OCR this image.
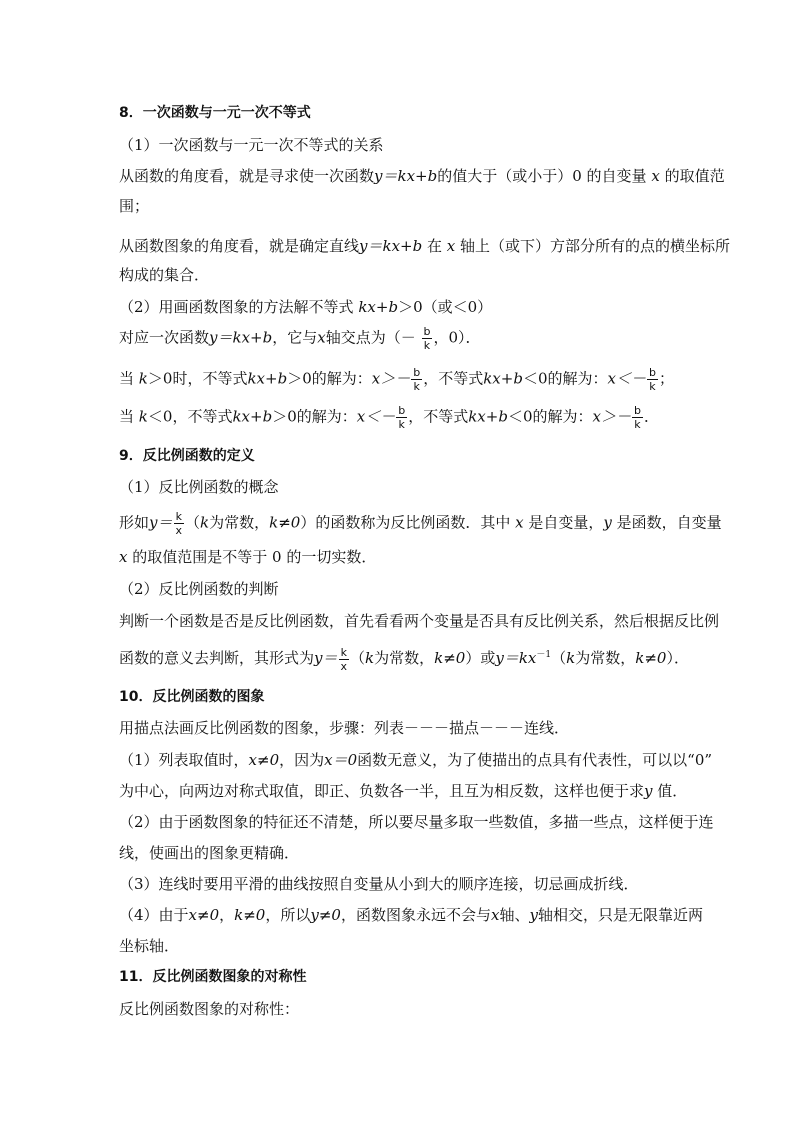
8．一次函数与一元一次不等式
（1）一次函数与一元一次不等式的关系
从函数的角度看，就是寻求使一次函数y＝kx+b的值大于（或小于）0 的自变量 x 的取值范
围；
从函数图象的角度看，就是确定直线y＝kx+b 在 x 轴上（或下）方部分所有的点的横坐标所
构成的集合．
（2）用画函数图象的方法解不等式 kx+b＞0（或＜0）
对应一次函数y＝kx+b，它与x轴交点为（－ $\frac{b}{k}$ ，0）．
当 k＞0时，不等式kx+b＞0的解为：$x>- \frac{b}{k}$ ，不等式kx+b＜0的解为：$x<- \frac{b}{k}$ ；
当 k＜0，不等式kx+b＞0的解为：$x<- \frac{b}{k}$ ，不等式kx+b＜0的解为：$x>- \frac{b}{k}$ ．
9．反比例函数的定义
（1）反比例函数的概念
形如$y= \frac{k}{x} (k$为常数，k≠0）的函数称为反比例函数．其中 x 是自变量，y 是函数，自变量
x 的取值范围是不等于 0 的一切实数．
（2）反比例函数的判断
判断一个函数是否是反比例函数，首先看看两个变量是否具有反比例关系，然后根据反比例
函数的意义去判断，其形式为$y= \frac{k}{x} (k$为常数，k≠0）或$y=kx^{-1}(k$为常数，k≠0）．
10．反比例函数的图象
用描点法画反比例函数的图象，步骤：列表－－－描点－－－连线．
（1）列表取值时，x≠0，因为x＝0函数无意义，为了使描出的点具有代表性，可以以“0”
为中心，向两边对称式取值，即正、负数各一半，且互为相反数，这样也便于求y 值．
（2）由于函数图象的特征还不清楚，所以要尽量多取一些数值，多描一些点，这样便于连
线，使画出的图象更精确．
（3）连线时要用平滑的曲线按照自变量从小到大的顺序连接，切忌画成折线．
（4）由于x≠0，k≠0，所以y≠0，函数图象永远不会与x轴、y轴相交，只是无限靠近两
坐标轴．
11．反比例函数图象的对称性
反比例函数图象的对称性：
